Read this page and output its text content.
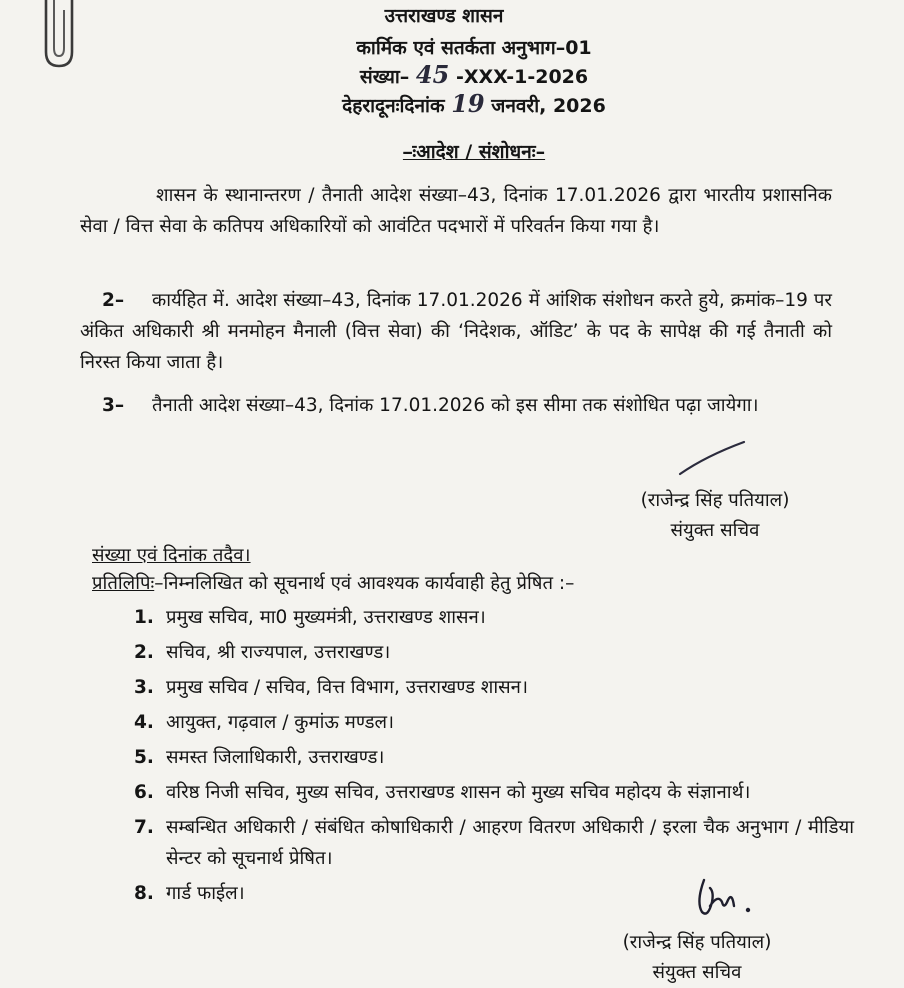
उत्तराखण्ड शासन
कार्मिक एवं सतर्कता अनुभाग–01
संख्या– 45 -XXX-1-2026
देहरादूनःदिनांक 19 जनवरी, 2026
–ःआदेश / संशोधनः–
शासन के स्थानान्तरण / तैनाती आदेश संख्या–43, दिनांक 17.01.2026 द्वारा भारतीय प्रशासनिक सेवा / वित्त सेवा के कतिपय अधिकारियों को आवंटित पदभारों में परिवर्तन किया गया है।
2– कार्यहित में. आदेश संख्या–43, दिनांक 17.01.2026 में आंशिक संशोधन करते हुये, क्रमांक–19 पर अंकित अधिकारी श्री मनमोहन मैनाली (वित्त सेवा) की ‘निदेशक, ऑडिट’ के पद के सापेक्ष की गई तैनाती को निरस्त किया जाता है।
3– तैनाती आदेश संख्या–43, दिनांक 17.01.2026 को इस सीमा तक संशोधित पढ़ा जायेगा।
(राजेन्द्र सिंह पतियाल)
संयुक्त सचिव
संख्या एवं दिनांक तदैव।
प्रतिलिपिः–निम्नलिखित को सूचनार्थ एवं आवश्यक कार्यवाही हेतु प्रेषित :–
1. प्रमुख सचिव, मा0 मुख्यमंत्री, उत्तराखण्ड शासन।
2. सचिव, श्री राज्यपाल, उत्तराखण्ड।
3. प्रमुख सचिव / सचिव, वित्त विभाग, उत्तराखण्ड शासन।
4. आयुक्त, गढ़वाल / कुमांऊ मण्डल।
5. समस्त जिलाधिकारी, उत्तराखण्ड।
6. वरिष्ठ निजी सचिव, मुख्य सचिव, उत्तराखण्ड शासन को मुख्य सचिव महोदय के संज्ञानार्थ।
7. सम्बन्धित अधिकारी / संबंधित कोषाधिकारी / आहरण वितरण अधिकारी / इरला चैक अनुभाग / मीडिया सेन्टर को सूचनार्थ प्रेषित।
8. गार्ड फाईल।
(राजेन्द्र सिंह पतियाल)
संयुक्त सचिव
